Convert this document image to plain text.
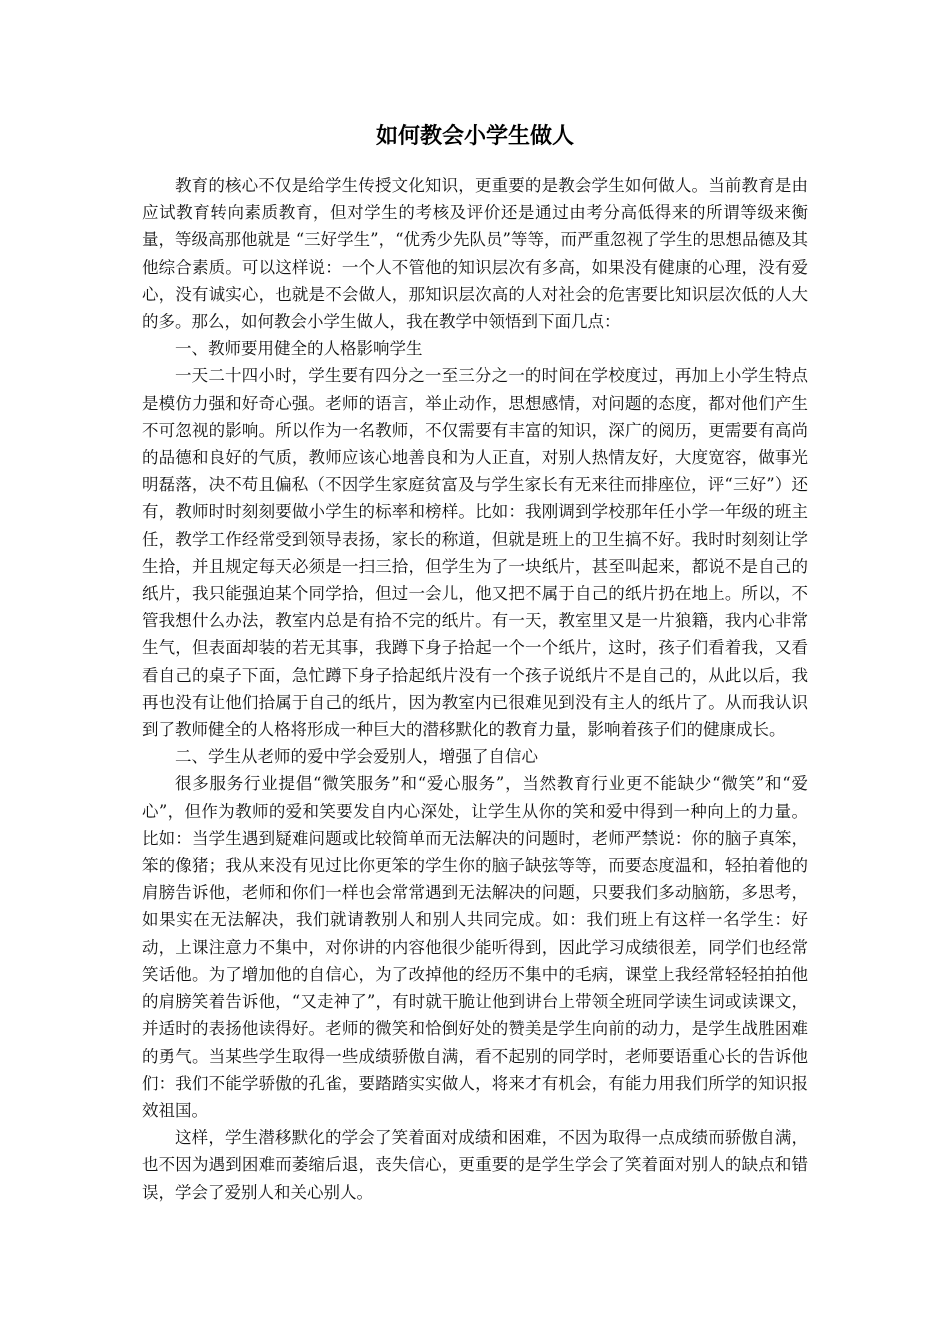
如何教会小学生做人

教育的核心不仅是给学生传授文化知识，更重要的是教会学生如何做人。当前教育是由应试教育转向素质教育，但对学生的考核及评价还是通过由考分高低得来的所谓等级来衡量，等级高那他就是 “三好学生”，“优秀少先队员”等等，而严重忽视了学生的思想品德及其他综合素质。可以这样说：一个人不管他的知识层次有多高，如果没有健康的心理，没有爱心，没有诚实心，也就是不会做人，那知识层次高的人对社会的危害要比知识层次低的人大的多。那么，如何教会小学生做人，我在教学中领悟到下面几点：

一、教师要用健全的人格影响学生

一天二十四小时，学生要有四分之一至三分之一的时间在学校度过，再加上小学生特点是模仿力强和好奇心强。老师的语言，举止动作，思想感情，对问题的态度，都对他们产生不可忽视的影响。所以作为一名教师，不仅需要有丰富的知识，深广的阅历，更需要有高尚的品德和良好的气质，教师应该心地善良和为人正直，对别人热情友好，大度宽容，做事光明磊落，决不苟且偏私（不因学生家庭贫富及与学生家长有无来往而排座位，评“三好”）还有，教师时时刻刻要做小学生的标率和榜样。比如：我刚调到学校那年任小学一年级的班主任，教学工作经常受到领导表扬，家长的称道，但就是班上的卫生搞不好。我时时刻刻让学生拾，并且规定每天必须是一扫三拾，但学生为了一块纸片，甚至叫起来，都说不是自己的纸片，我只能强迫某个同学拾，但过一会儿，他又把不属于自己的纸片扔在地上。所以，不管我想什么办法，教室内总是有拾不完的纸片。有一天，教室里又是一片狼籍，我内心非常生气，但表面却装的若无其事，我蹲下身子拾起一个一个纸片，这时，孩子们看着我，又看看自己的桌子下面，急忙蹲下身子拾起纸片没有一个孩子说纸片不是自己的，从此以后，我再也没有让他们拾属于自己的纸片，因为教室内已很难见到没有主人的纸片了。从而我认识到了教师健全的人格将形成一种巨大的潜移默化的教育力量，影响着孩子们的健康成长。

二、学生从老师的爱中学会爱别人，增强了自信心

很多服务行业提倡“微笑服务”和“爱心服务”，当然教育行业更不能缺少“微笑”和“爱心”，但作为教师的爱和笑要发自内心深处，让学生从你的笑和爱中得到一种向上的力量。比如：当学生遇到疑难问题或比较简单而无法解决的问题时，老师严禁说：你的脑子真笨，笨的像猪；我从来没有见过比你更笨的学生你的脑子缺弦等等，而要态度温和，轻拍着他的肩膀告诉他，老师和你们一样也会常常遇到无法解决的问题，只要我们多动脑筋，多思考，如果实在无法解决，我们就请教别人和别人共同完成。如：我们班上有这样一名学生：好动，上课注意力不集中，对你讲的内容他很少能听得到，因此学习成绩很差，同学们也经常笑话他。为了增加他的自信心，为了改掉他的经历不集中的毛病，课堂上我经常轻轻拍拍他的肩膀笑着告诉他，“又走神了”，有时就干脆让他到讲台上带领全班同学读生词或读课文，并适时的表扬他读得好。老师的微笑和恰倒好处的赞美是学生向前的动力，是学生战胜困难的勇气。当某些学生取得一些成绩骄傲自满，看不起别的同学时，老师要语重心长的告诉他们：我们不能学骄傲的孔雀，要踏踏实实做人，将来才有机会，有能力用我们所学的知识报效祖国。

这样，学生潜移默化的学会了笑着面对成绩和困难，不因为取得一点成绩而骄傲自满，也不因为遇到困难而萎缩后退，丧失信心，更重要的是学生学会了笑着面对别人的缺点和错误，学会了爱别人和关心别人。
